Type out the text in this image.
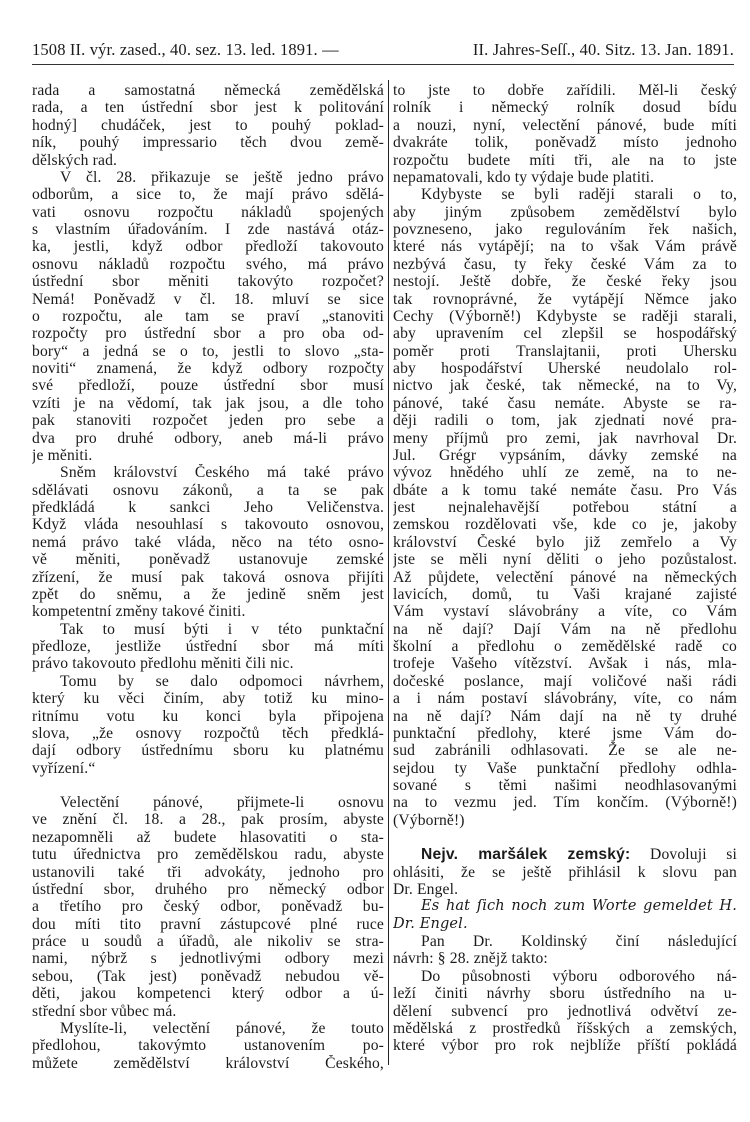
1508 II. výr. zased., 40. sez. 13. led. 1891. —	II. Jahres-Seſſ., 40. Sitz. 13. Jan. 1891.
rada a samostatná německá zemědělská
rada, a ten ústřední sbor jest k politování
hodný] chudáček, jest to pouhý poklad-
ník, pouhý impressario těch dvou země-
dělských rad.
V čl. 28. přikazuje se ještě jedno právo
odborům, a sice to, že mají právo sdělá-
vati osnovu rozpočtu nákladů spojených
s vlastním úřadováním. I zde nastává otáz-
ka, jestli, když odbor předloží takovouto
osnovu nákladů rozpočtu svého, má právo
ústřední sbor měniti takovýto rozpočet?
Nemá! Poněvadž v čl. 18. mluví se sice
o rozpočtu, ale tam se praví „stanoviti
rozpočty pro ústřední sbor a pro oba od-
bory“ a jedná se o to, jestli to slovo „sta-
noviti“ znamená, že když odbory rozpočty
své předloží, pouze ústřední sbor musí
vzíti je na vědomí, tak jak jsou, a dle toho
pak stanoviti rozpočet jeden pro sebe a
dva pro druhé odbory, aneb má-li právo
je měniti.
Sněm království Českého má také právo
sdělávati osnovu zákonů, a ta se pak
předkládá k sankci Jeho Veličenstva.
Když vláda nesouhlasí s takovouto osnovou,
nemá právo také vláda, něco na této osno-
vě měniti, poněvadž ustanovuje zemské
zřízení, že musí pak taková osnova přijíti
zpět do sněmu, a že jedině sněm jest
kompetentní změny takové činiti.
Tak to musí býti i v této punktační
předloze, jestliže ústřední sbor má míti
právo takovouto předlohu měniti čili nic.
Tomu by se dalo odpomoci návrhem,
který ku věci činím, aby totiž ku mino-
ritnímu votu ku konci byla připojena
slova, „že osnovy rozpočtů těch předklá-
dají odbory ústřednímu sboru ku platnému
vyřízení.“
Velectění pánové, přijmete-li osnovu
ve znění čl. 18. a 28., pak prosím, abyste
nezapomněli až budete hlasovatiti o sta-
tutu úřednictva pro zemědělskou radu, abyste
ustanovili také tři advokáty, jednoho pro
ústřední sbor, druhého pro německý odbor
a třetího pro český odbor, poněvadž bu-
dou míti tito pravní zástupcové plné ruce
práce u soudů a úřadů, ale nikoliv se stra-
nami, nýbrž s jednotlivými odbory mezi
sebou, (Tak jest) poněvadž nebudou vě-
děti, jakou kompetenci který odbor a ú-
střední sbor vůbec má.
Myslíte-li, velectění pánové, že touto
předlohou, takovýmto ustanovením po-
můžete zemědělství království Českého,
to jste to dobře zařídili. Měl-li český
rolník i německý rolník dosud bídu
a nouzi, nyní, velectění pánové, bude míti
dvakráte tolik, poněvadž místo jednoho
rozpočtu budete míti tři, ale na to jste
nepamatovali, kdo ty výdaje bude platiti.
Kdybyste se byli raději starali o to,
aby jiným způsobem zemědělství bylo
povzneseno, jako regulováním řek našich,
které nás vytápějí; na to však Vám právě
nezbývá času, ty řeky české Vám za to
nestojí. Ještě dobře, že české řeky jsou
tak rovnoprávné, že vytápějí Němce jako
Cechy (Výborně!) Kdybyste se raději starali,
aby upravením cel zlepšil se hospodářský
poměr proti Translajtanii, proti Uhersku
aby hospodářství Uherské neudolalo rol-
nictvo jak české, tak německé, na to Vy,
pánové, také času nemáte. Abyste se ra-
ději radili o tom, jak zjednati nové pra-
meny příjmů pro zemi, jak navrhoval Dr.
Jul. Grégr vypsáním, dávky zemské na
vývoz hnědého uhlí ze země, na to ne-
dbáte a k tomu také nemáte času. Pro Vás
jest nejnalehavější potřebou státní a
zemskou rozdělovati vše, kde co je, jakoby
království České bylo již zemřelo a Vy
jste se měli nyní děliti o jeho pozůstalost.
Až půjdete, velectění pánové na německých
lavicích, domů, tu Vaši krajané zajisté
Vám vystaví slávobrány a víte, co Vám
na ně dají? Dají Vám na ně předlohu
školní a předlohu o zemědělské radě co
trofeje Vašeho vítězství. Avšak i nás, mla-
dočeské poslance, mají voličové naši rádi
a i nám postaví slávobrány, víte, co nám
na ně dají? Nám dají na ně ty druhé
punktační předlohy, které jsme Vám do-
sud zabránili odhlasovati. Že se ale ne-
sejdou ty Vaše punktační předlohy odhla-
sované s těmi našimi neodhlasovanými
na to vezmu jed. Tím končím. (Výborně!)
(Výborně!)
Nejv. maršálek zemský: Dovoluji si
ohlásiti, že se ještě přihlásil k slovu pan
Dr. Engel.
Es hat ſich noch zum Worte gemeldet H.
Dr. Engel.
Pan Dr. Koldinský činí následující
návrh: § 28. znějž takto:
Do působnosti výboru odborového ná-
leží činiti návrhy sboru ústředního na u-
dělení subvencí pro jednotlivá odvětví ze-
mědělská z prostředků říšských a zemských,
které výbor pro rok nejblíže příští pokládá
